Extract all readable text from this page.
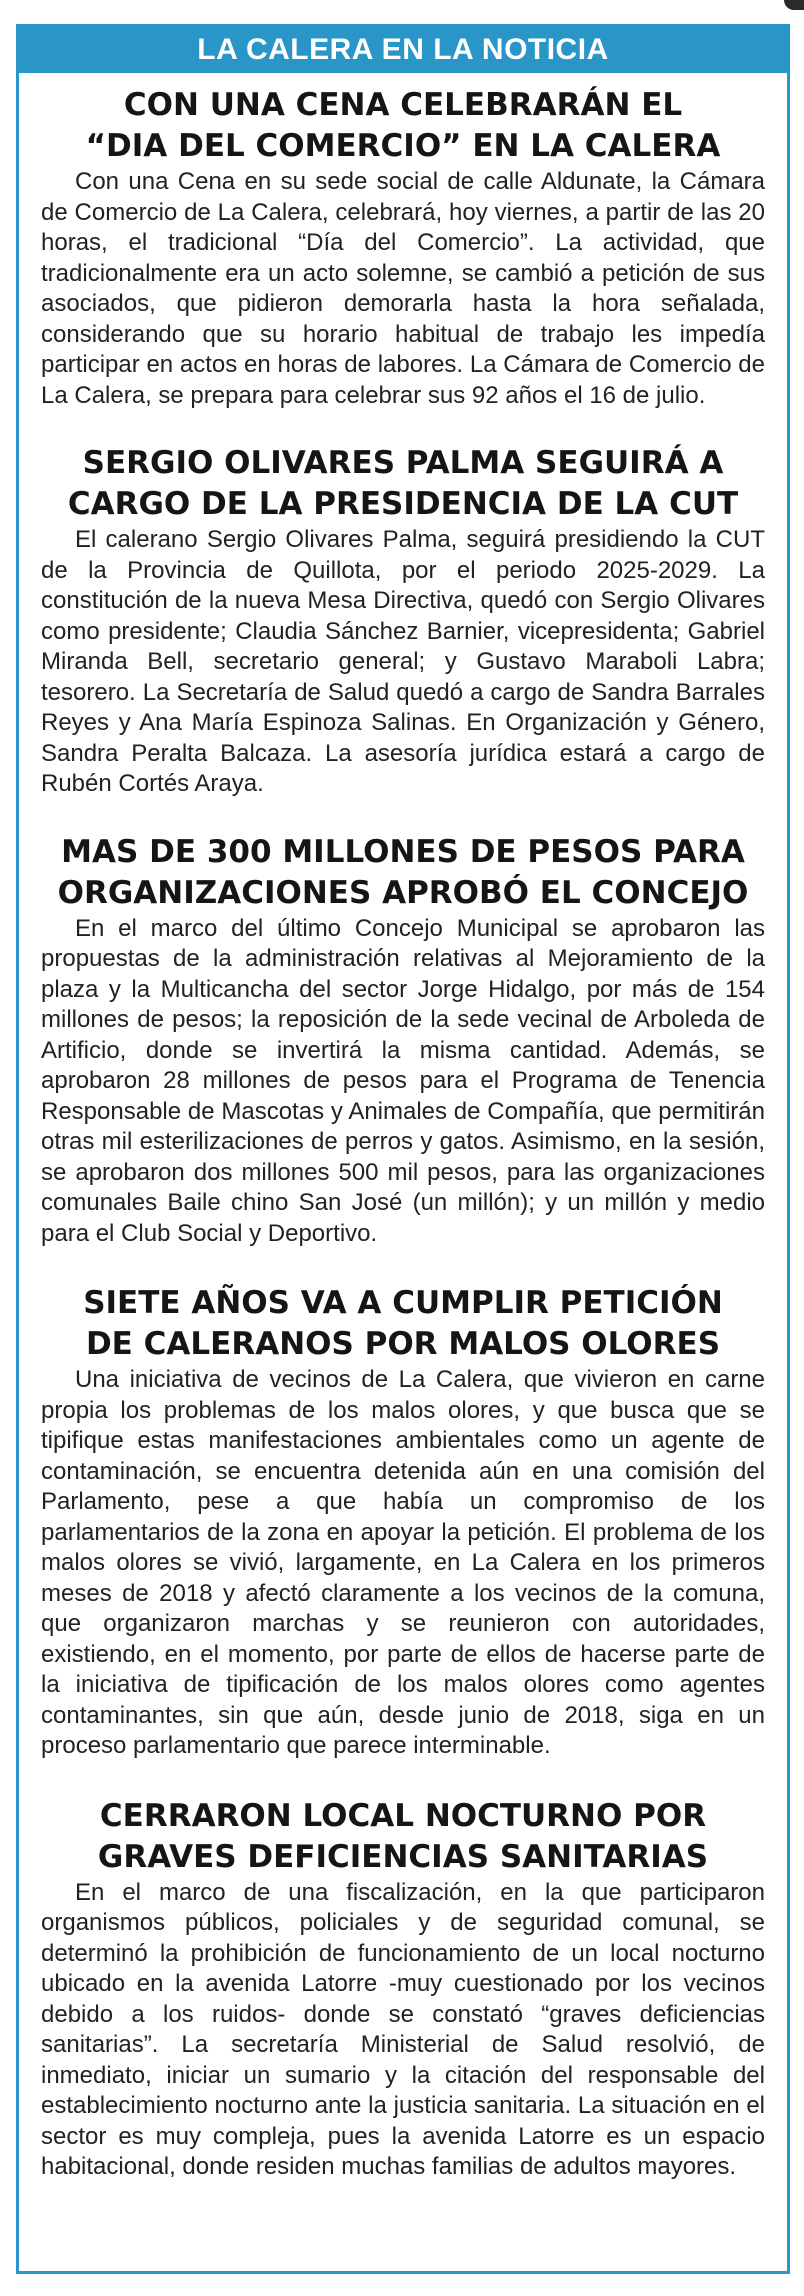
LA CALERA EN LA NOTICIA
CON UNA CENA CELEBRARÁN EL
“DIA DEL COMERCIO” EN LA CALERA

Con una Cena en su sede social de calle Aldunate, la Cámara de Comercio de La Calera, celebrará, hoy viernes, a partir de las 20 horas, el tradicional “Día del Comercio”. La actividad, que tradicionalmente era un acto solemne, se cambió a petición de sus asociados, que pidieron demorarla hasta la hora señalada, considerando que su horario habitual de trabajo les impedía participar en actos en horas de labores. La Cámara de Comercio de La Calera, se prepara para celebrar sus 92 años el 16 de julio.

SERGIO OLIVARES PALMA SEGUIRÁ A
CARGO DE LA PRESIDENCIA DE LA CUT

El calerano Sergio Olivares Palma, seguirá presidiendo la CUT de la Provincia de Quillota, por el periodo 2025-2029. La constitución de la nueva Mesa Directiva, quedó con Sergio Olivares como presidente; Claudia Sánchez Barnier, vicepresidenta; Gabriel Miranda Bell, secretario general; y Gustavo Maraboli Labra; tesorero. La Secretaría de Salud quedó a cargo de Sandra Barrales Reyes y Ana María Espinoza Salinas. En Organización y Género, Sandra Peralta Balcaza. La asesoría jurídica estará a cargo de Rubén Cortés Araya.

MAS DE 300 MILLONES DE PESOS PARA
ORGANIZACIONES APROBÓ EL CONCEJO

En el marco del último Concejo Municipal se aprobaron las propuestas de la administración relativas al Mejoramiento de la plaza y la Multicancha del sector Jorge Hidalgo, por más de 154 millones de pesos; la reposición de la sede vecinal de Arboleda de Artificio, donde se invertirá la misma cantidad. Además, se aprobaron 28 millones de pesos para el Programa de Tenencia Responsable de Mascotas y Animales de Compañía, que permitirán otras mil esterilizaciones de perros y gatos. Asimismo, en la sesión, se aprobaron dos millones 500 mil pesos, para las organizaciones comunales Baile chino San José (un millón); y un millón y medio para el Club Social y Deportivo.

SIETE AÑOS VA A CUMPLIR PETICIÓN
DE CALERANOS POR MALOS OLORES

Una iniciativa de vecinos de La Calera, que vivieron en carne propia los problemas de los malos olores, y que busca que se tipifique estas manifestaciones ambientales como un agente de contaminación, se encuentra detenida aún en una comisión del Parlamento, pese a que había un compromiso de los parlamentarios de la zona en apoyar la petición. El problema de los malos olores se vivió, largamente, en La Calera en los primeros meses de 2018 y afectó claramente a los vecinos de la comuna, que organizaron marchas y se reunieron con autoridades, existiendo, en el momento, por parte de ellos de hacerse parte de la iniciativa de tipificación de los malos olores como agentes contaminantes, sin que aún, desde junio de 2018, siga en un proceso parlamentario que parece interminable.

CERRARON LOCAL NOCTURNO POR
GRAVES DEFICIENCIAS SANITARIAS

En el marco de una fiscalización, en la que participaron organismos públicos, policiales y de seguridad comunal, se determinó la prohibición de funcionamiento de un local nocturno ubicado en la avenida Latorre -muy cuestionado por los vecinos debido a los ruidos- donde se constató “graves deficiencias sanitarias”. La secretaría Ministerial de Salud resolvió, de inmediato, iniciar un sumario y la citación del responsable del establecimiento nocturno ante la justicia sanitaria. La situación en el sector es muy compleja, pues la avenida Latorre es un espacio habitacional, donde residen muchas familias de adultos mayores.
